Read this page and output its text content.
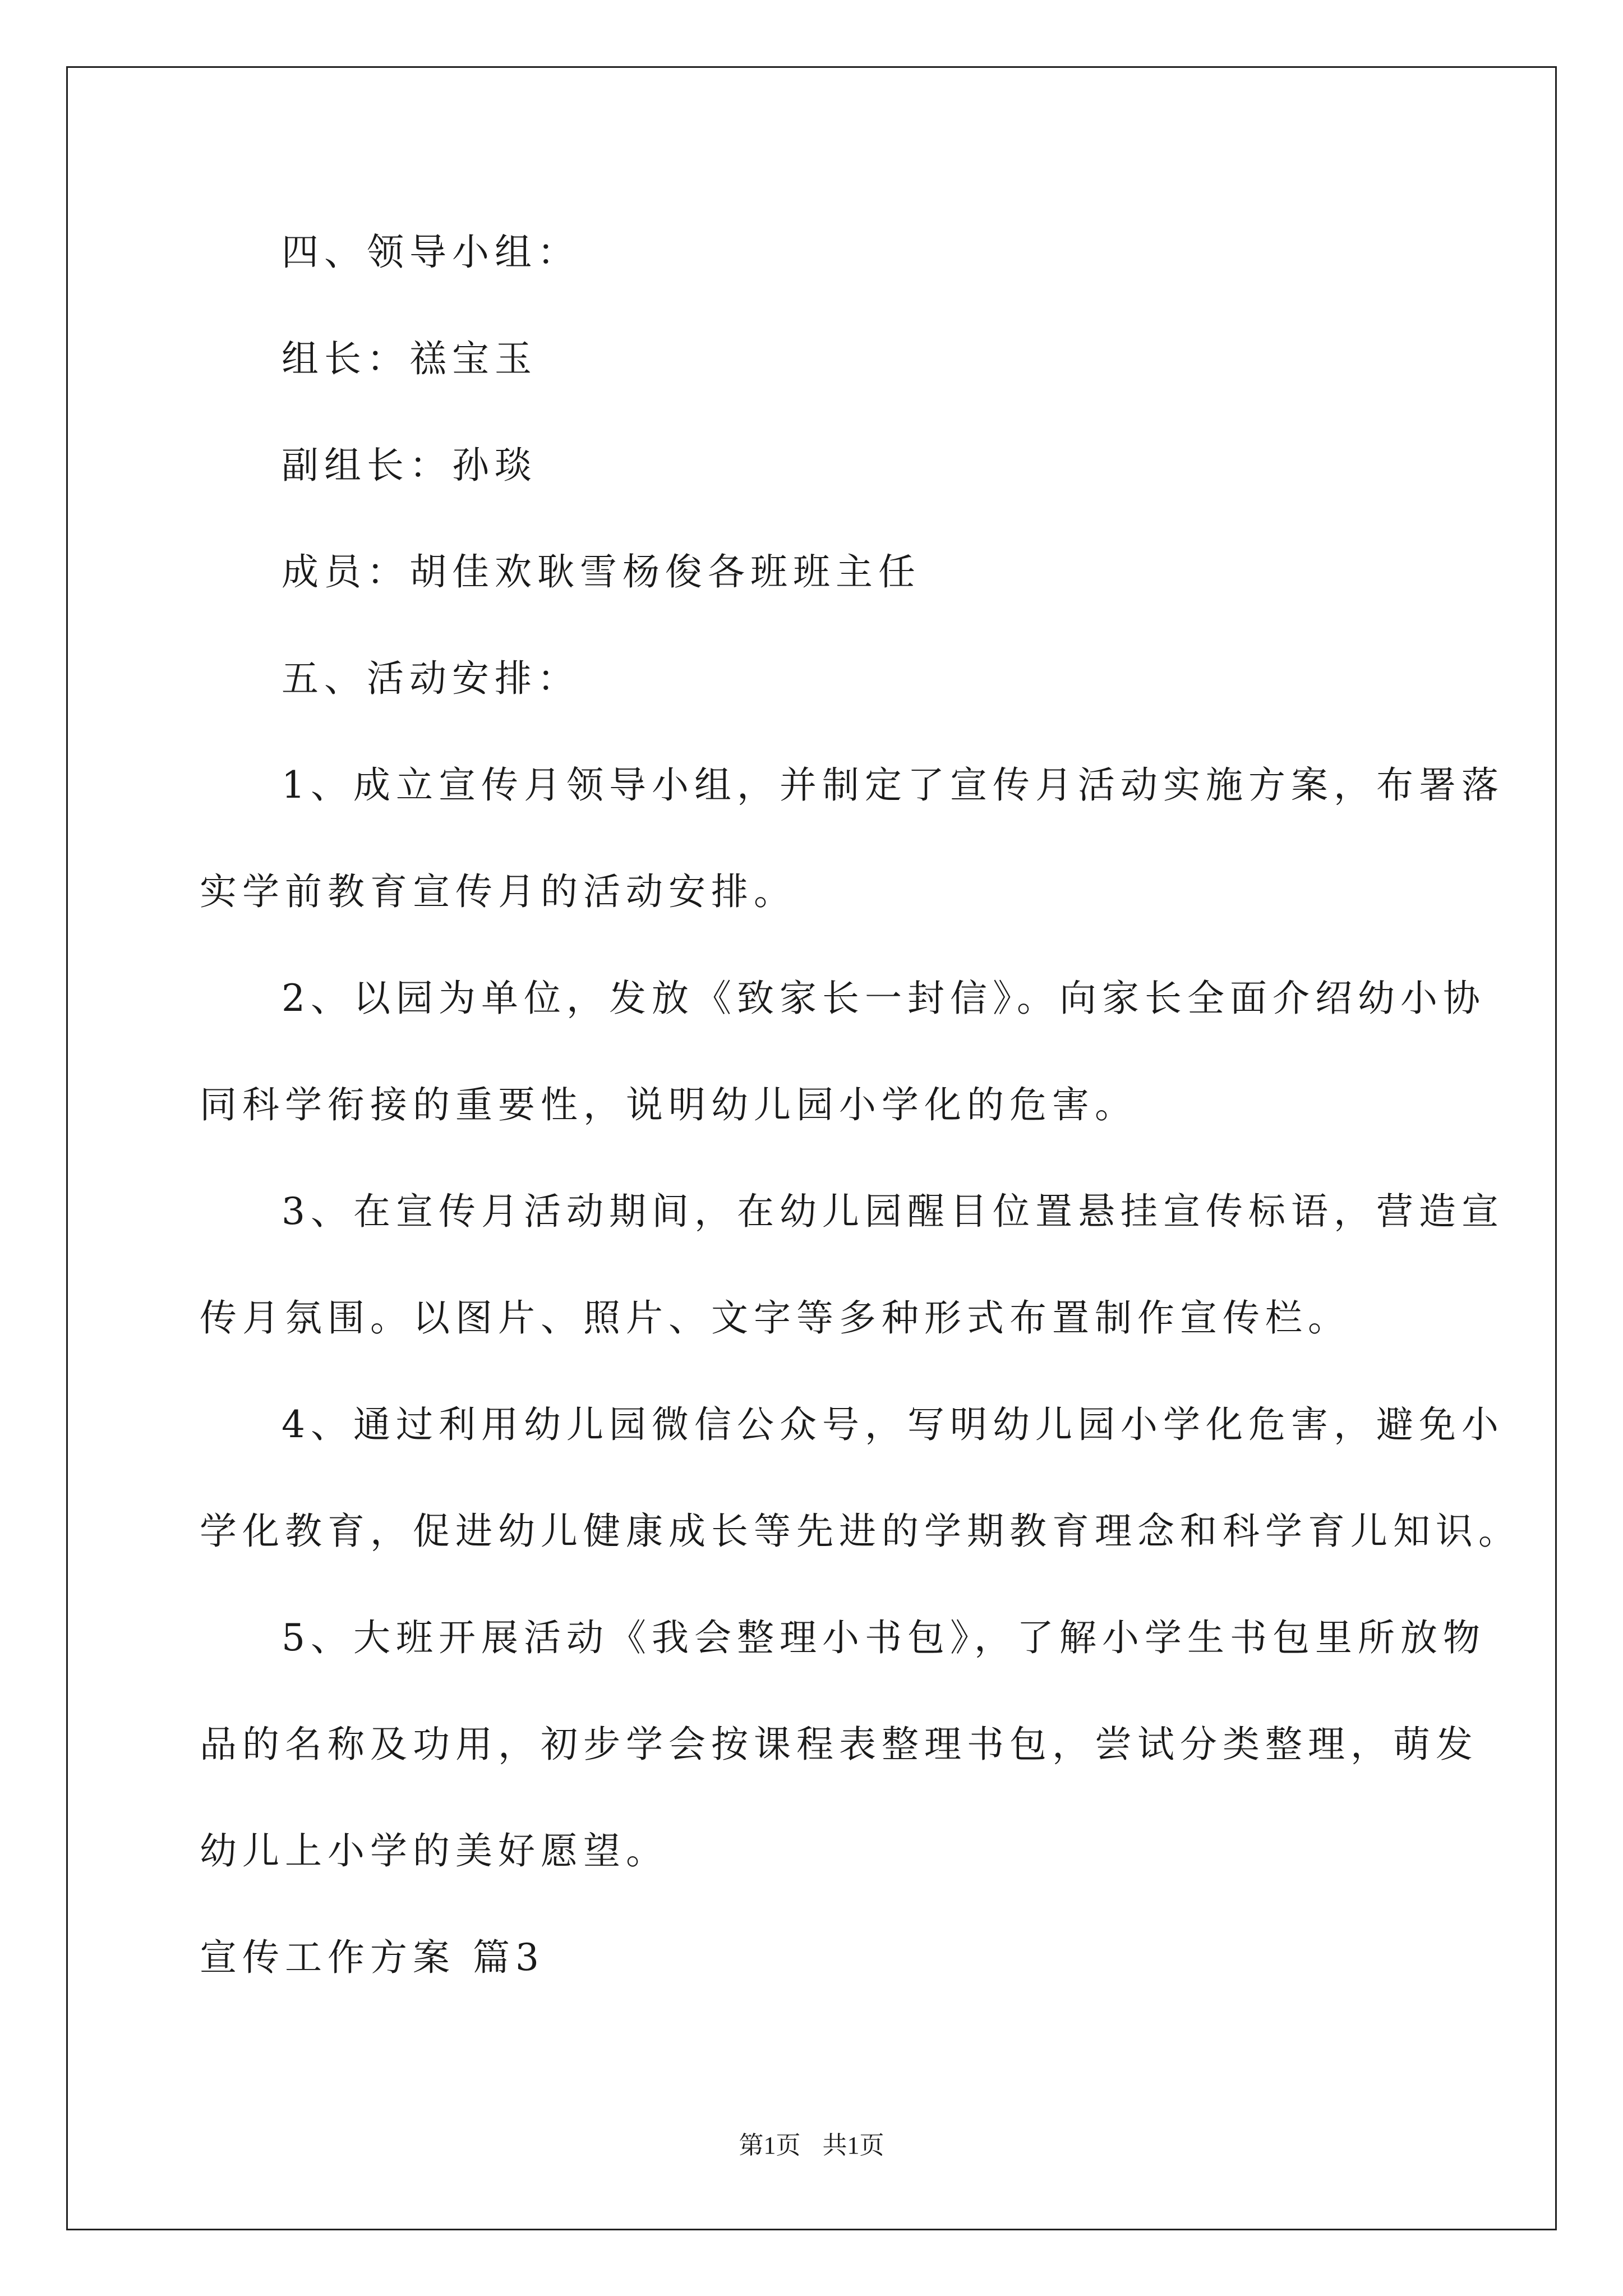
四、领导小组：
组长：禚宝玉
副组长：孙琰
成员：胡佳欢耿雪杨俊各班班主任
五、活动安排：
1、成立宣传月领导小组，并制定了宣传月活动实施方案，布署落
实学前教育宣传月的活动安排。
2、以园为单位，发放《致家长一封信》。向家长全面介绍幼小协
同科学衔接的重要性，说明幼儿园小学化的危害。
3、在宣传月活动期间，在幼儿园醒目位置悬挂宣传标语，营造宣
传月氛围。以图片、照片、文字等多种形式布置制作宣传栏。
4、通过利用幼儿园微信公众号，写明幼儿园小学化危害，避免小
学化教育，促进幼儿健康成长等先进的学期教育理念和科学育儿知识。
5、大班开展活动《我会整理小书包》，了解小学生书包里所放物
品的名称及功用，初步学会按课程表整理书包，尝试分类整理，萌发
幼儿上小学的美好愿望。
宣传工作方案 篇3
第1页 共1页
